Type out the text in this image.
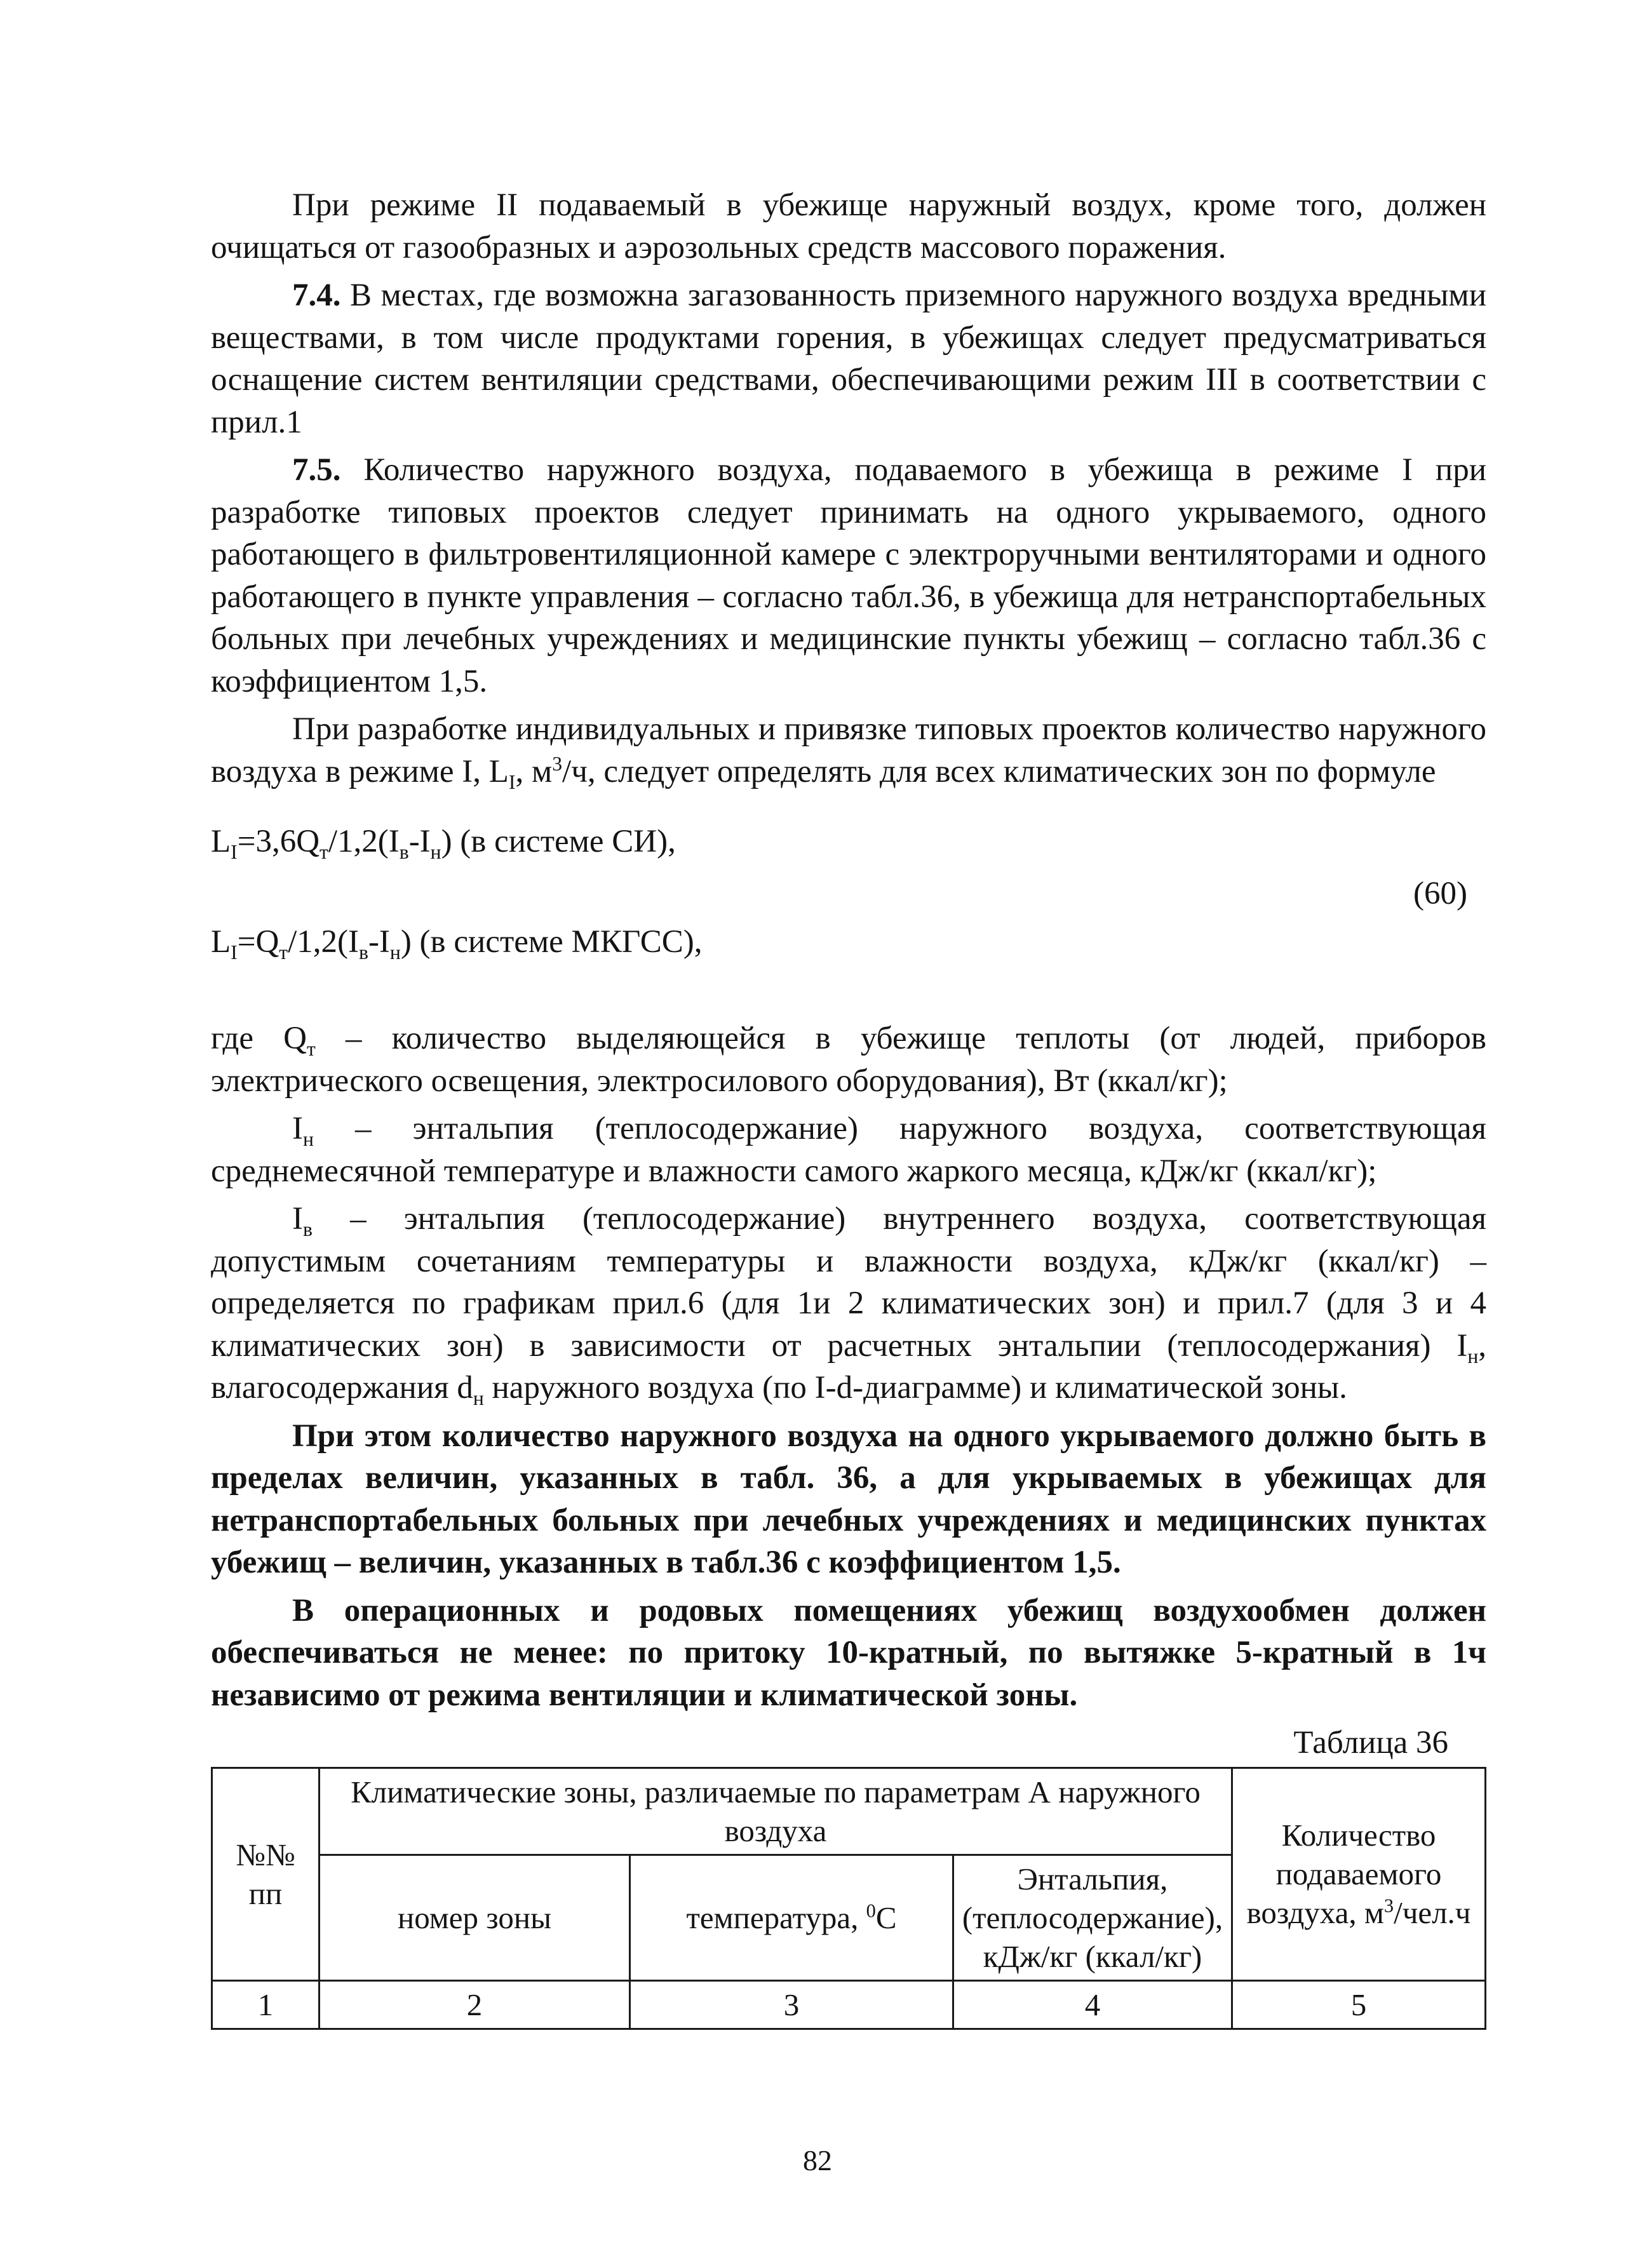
При режиме II подаваемый в убежище наружный воздух, кроме того, должен очищаться от газообразных и аэрозольных средств массового поражения.

7.4. В местах, где возможна загазованность приземного наружного воздуха вредными веществами, в том числе продуктами горения, в убежищах следует предусматриваться оснащение систем вентиляции средствами, обеспечивающими режим III в соответствии с прил.1

7.5. Количество наружного воздуха, подаваемого в убежища в режиме I при разработке типовых проектов следует принимать на одного укрываемого, одного работающего в фильтровентиляционной камере с электроручными вентиляторами и одного работающего в пункте управления – согласно табл.36, в убежища для нетранспортабельных больных при лечебных учреждениях и медицинские пункты убежищ – согласно табл.36 с коэффициентом 1,5.

При разработке индивидуальных и привязке типовых проектов количество наружного воздуха в режиме I, $L_I$, $м^3/ч$, следует определять для всех климатических зон по формуле

$L_I=3,6Q_т/1,2(I_в-I_н)$ (в системе СИ),
(60)
$L_I=Q_т/1,2(I_в-I_н)$ (в системе МКГСС),

где $Q_т$ – количество выделяющейся в убежище теплоты (от людей, приборов электрического освещения, электросилового оборудования), Вт (ккал/кг);

$I_н$ – энтальпия (теплосодержание) наружного воздуха, соответствующая среднемесячной температуре и влажности самого жаркого месяца, кДж/кг (ккал/кг);

$I_в$ – энтальпия (теплосодержание) внутреннего воздуха, соответствующая допустимым сочетаниям температуры и влажности воздуха, кДж/кг (ккал/кг) – определяется по графикам прил.6 (для 1и 2 климатических зон) и прил.7 (для 3 и 4 климатических зон) в зависимости от расчетных энтальпии (теплосодержания) $I_н$, влагосодержания $d_н$ наружного воздуха (по I-d-диаграмме) и климатической зоны.

При этом количество наружного воздуха на одного укрываемого должно быть в пределах величин, указанных в табл. 36, а для укрываемых в убежищах для нетранспортабельных больных при лечебных учреждениях и медицинских пунктах убежищ – величин, указанных в табл.36 с коэффициентом 1,5.

В операционных и родовых помещениях убежищ воздухообмен должен обеспечиваться не менее: по притоку 10-кратный, по вытяжке 5-кратный в 1ч независимо от режима вентиляции и климатической зоны.

Таблица 36
№№
пп	Климатические зоны, различаемые по параметрам А наружного воздуха			Количество подаваемого воздуха, $м^3/чел.ч$
	номер зоны	температура, $^0$С	Энтальпия, (теплосодержание), кДж/кг (ккал/кг)	
1	2	3	4	5
82
